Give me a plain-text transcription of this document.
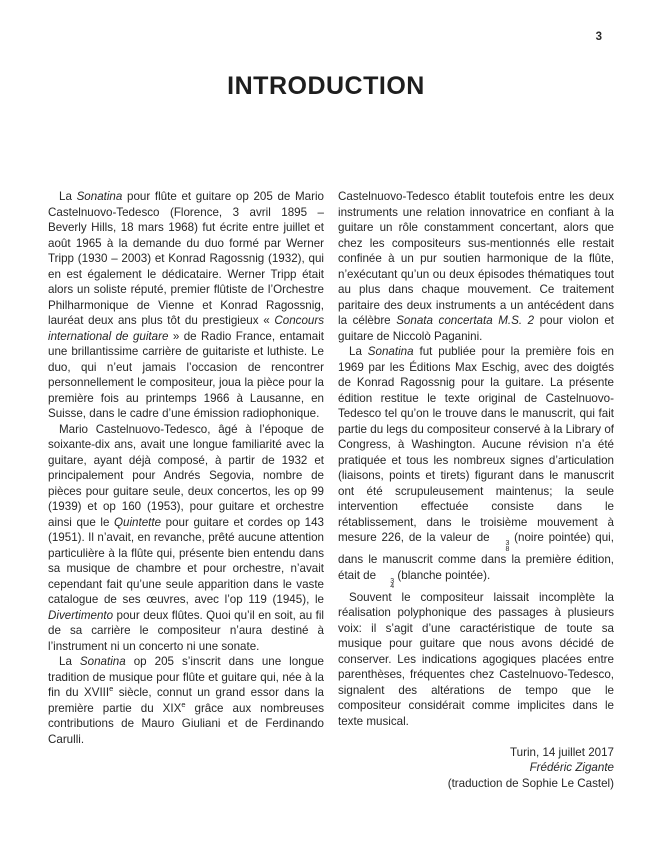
3
INTRODUCTION

La Sonatina pour flûte et guitare op 205 de Mario Castelnuovo-Tedesco (Florence, 3 avril 1895 – Beverly Hills, 18 mars 1968) fut écrite entre juillet et août 1965 à la demande du duo formé par Werner Tripp (1930 – 2003) et Konrad Ragossnig (1932), qui en est également le dédicataire. Werner Tripp était alors un soliste réputé, premier flûtiste de l’Orchestre Philharmonique de Vienne et Konrad Ragossnig, lauréat deux ans plus tôt du prestigieux « Concours international de guitare » de Radio France, entamait une brillantissime carrière de guitariste et luthiste. Le duo, qui n’eut jamais l’occasion de rencontrer personnellement le compositeur, joua la pièce pour la première fois au printemps 1966 à Lausanne, en Suisse, dans le cadre d’une émission radiophonique.

Mario Castelnuovo-Tedesco, âgé à l’époque de soixante-dix ans, avait une longue familiarité avec la guitare, ayant déjà composé, à partir de 1932 et principalement pour Andrés Segovia, nombre de pièces pour guitare seule, deux concertos, les op 99 (1939) et op 160 (1953), pour guitare et orchestre ainsi que le Quintette pour guitare et cordes op 143 (1951). Il n’avait, en revanche, prêté aucune attention particulière à la flûte qui, présente bien entendu dans sa musique de chambre et pour orchestre, n’avait cependant fait qu’une seule apparition dans le vaste catalogue de ses œuvres, avec l’op 119 (1945), le Divertimento pour deux flûtes. Quoi qu’il en soit, au fil de sa carrière le compositeur n’aura destiné à l’instrument ni un concerto ni une sonate.

La Sonatina op 205 s’inscrit dans une longue tradition de musique pour flûte et guitare qui, née à la fin du XVIIIe siècle, connut un grand essor dans la première partie du XIXe grâce aux nombreuses contributions de Mauro Giuliani et de Ferdinando Carulli.

Castelnuovo-Tedesco établit toutefois entre les deux instruments une relation innovatrice en confiant à la guitare un rôle constamment concertant, alors que chez les compositeurs sus-mentionnés elle restait confinée à un pur soutien harmonique de la flûte, n’exécutant qu’un ou deux épisodes thématiques tout au plus dans chaque mouvement. Ce traitement paritaire des deux instruments a un antécédent dans la célèbre Sonata concertata M.S. 2 pour violon et guitare de Niccolò Paganini.

La Sonatina fut publiée pour la première fois en 1969 par les Éditions Max Eschig, avec des doigtés de Konrad Ragossnig pour la guitare. La présente édition restitue le texte original de Castelnuovo-Tedesco tel qu’on le trouve dans le manuscrit, qui fait partie du legs du compositeur conservé à la Library of Congress, à Washington. Aucune révision n’a été pratiquée et tous les nombreux signes d’articulation (liaisons, points et tirets) figurant dans le manuscrit ont été scrupuleusement maintenus; la seule intervention effectuée consiste dans le rétablissement, dans le troisième mouvement à mesure 226, de la valeur de	3
8
(noire pointée) qui, dans le manuscrit comme dans la première édition, était de	3
4
(blanche pointée).

Souvent le compositeur laissait incomplète la réalisation polyphonique des passages à plusieurs voix: il s’agit d’une caractéristique de toute sa musique pour guitare que nous avons décidé de conserver. Les indications agogiques placées entre parenthèses, fréquentes chez Castelnuovo-Tedesco, signalent des altérations de tempo que le compositeur considérait comme implicites dans le texte musical.

Turin, 14 juillet 2017
Frédéric Zigante
(traduction de Sophie Le Castel)
